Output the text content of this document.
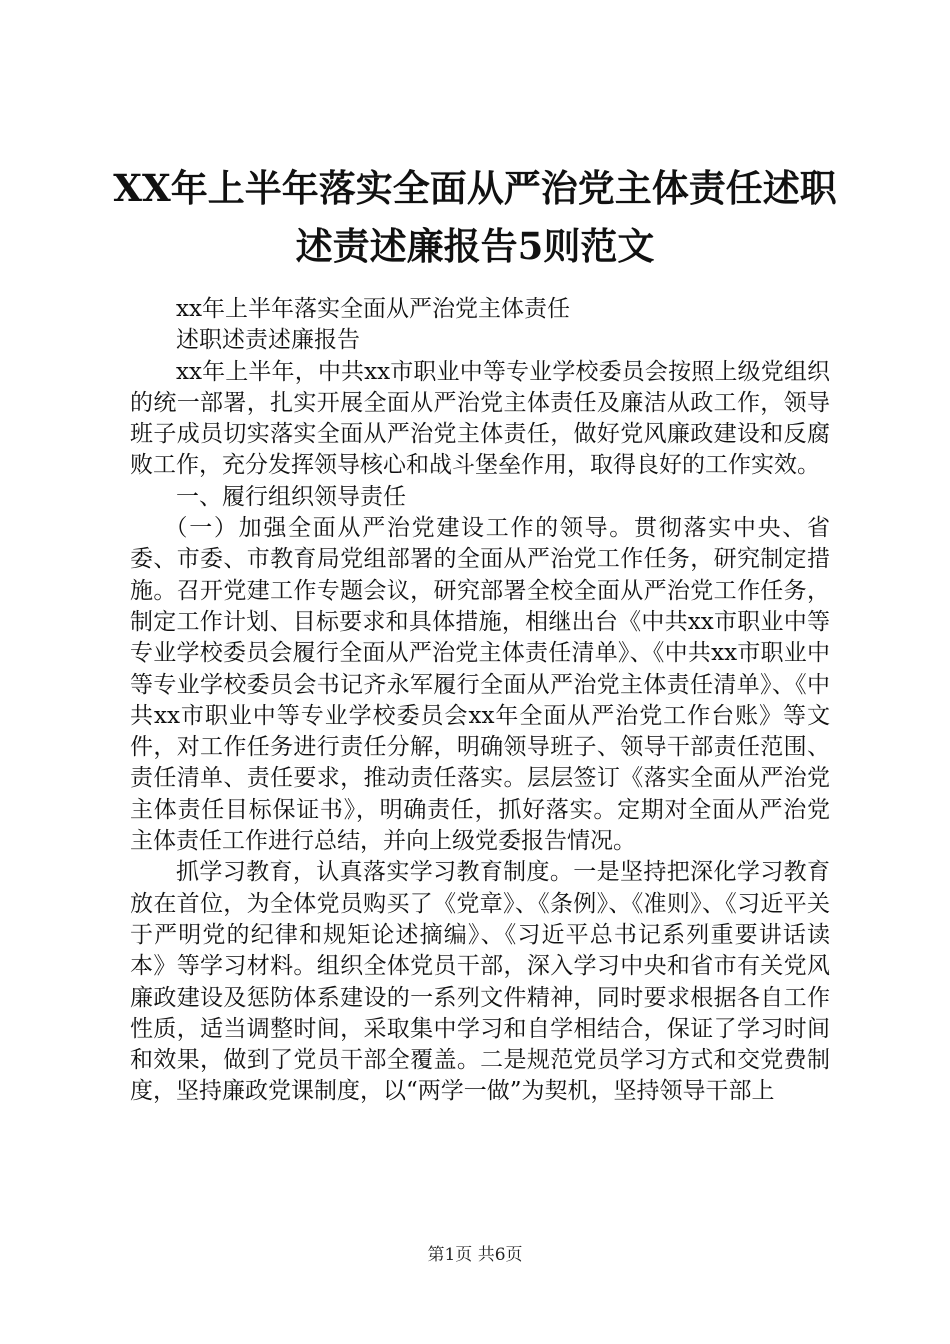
XX年上半年落实全面从严治党主体责任述职
述责述廉报告5则范文

xx年上半年落实全面从严治党主体责任

述职述责述廉报告

xx年上半年，中共xx市职业中等专业学校委员会按照上级党组织的统一部署，扎实开展全面从严治党主体责任及廉洁从政工作，领导班子成员切实落实全面从严治党主体责任，做好党风廉政建设和反腐败工作，充分发挥领导核心和战斗堡垒作用，取得良好的工作实效。

一、履行组织领导责任

（一）加强全面从严治党建设工作的领导。贯彻落实中央、省委、市委、市教育局党组部署的全面从严治党工作任务，研究制定措施。召开党建工作专题会议，研究部署全校全面从严治党工作任务，制定工作计划、目标要求和具体措施，相继出台《中共xx市职业中等专业学校委员会履行全面从严治党主体责任清单》、《中共xx市职业中等专业学校委员会书记齐永军履行全面从严治党主体责任清单》、《中共xx市职业中等专业学校委员会xx年全面从严治党工作台账》等文件，对工作任务进行责任分解，明确领导班子、领导干部责任范围、责任清单、责任要求，推动责任落实。层层签订《落实全面从严治党主体责任目标保证书》，明确责任，抓好落实。定期对全面从严治党主体责任工作进行总结，并向上级党委报告情况。

抓学习教育，认真落实学习教育制度。一是坚持把深化学习教育放在首位，为全体党员购买了《党章》、《条例》、《准则》、《习近平关于严明党的纪律和规矩论述摘编》、《习近平总书记系列重要讲话读本》等学习材料。组织全体党员干部，深入学习中央和省市有关党风廉政建设及惩防体系建设的一系列文件精神，同时要求根据各自工作性质，适当调整时间，采取集中学习和自学相结合，保证了学习时间和效果，做到了党员干部全覆盖。二是规范党员学习方式和交党费制度，坚持廉政党课制度，以“两学一做”为契机，坚持领导干部上

第1页 共6页
